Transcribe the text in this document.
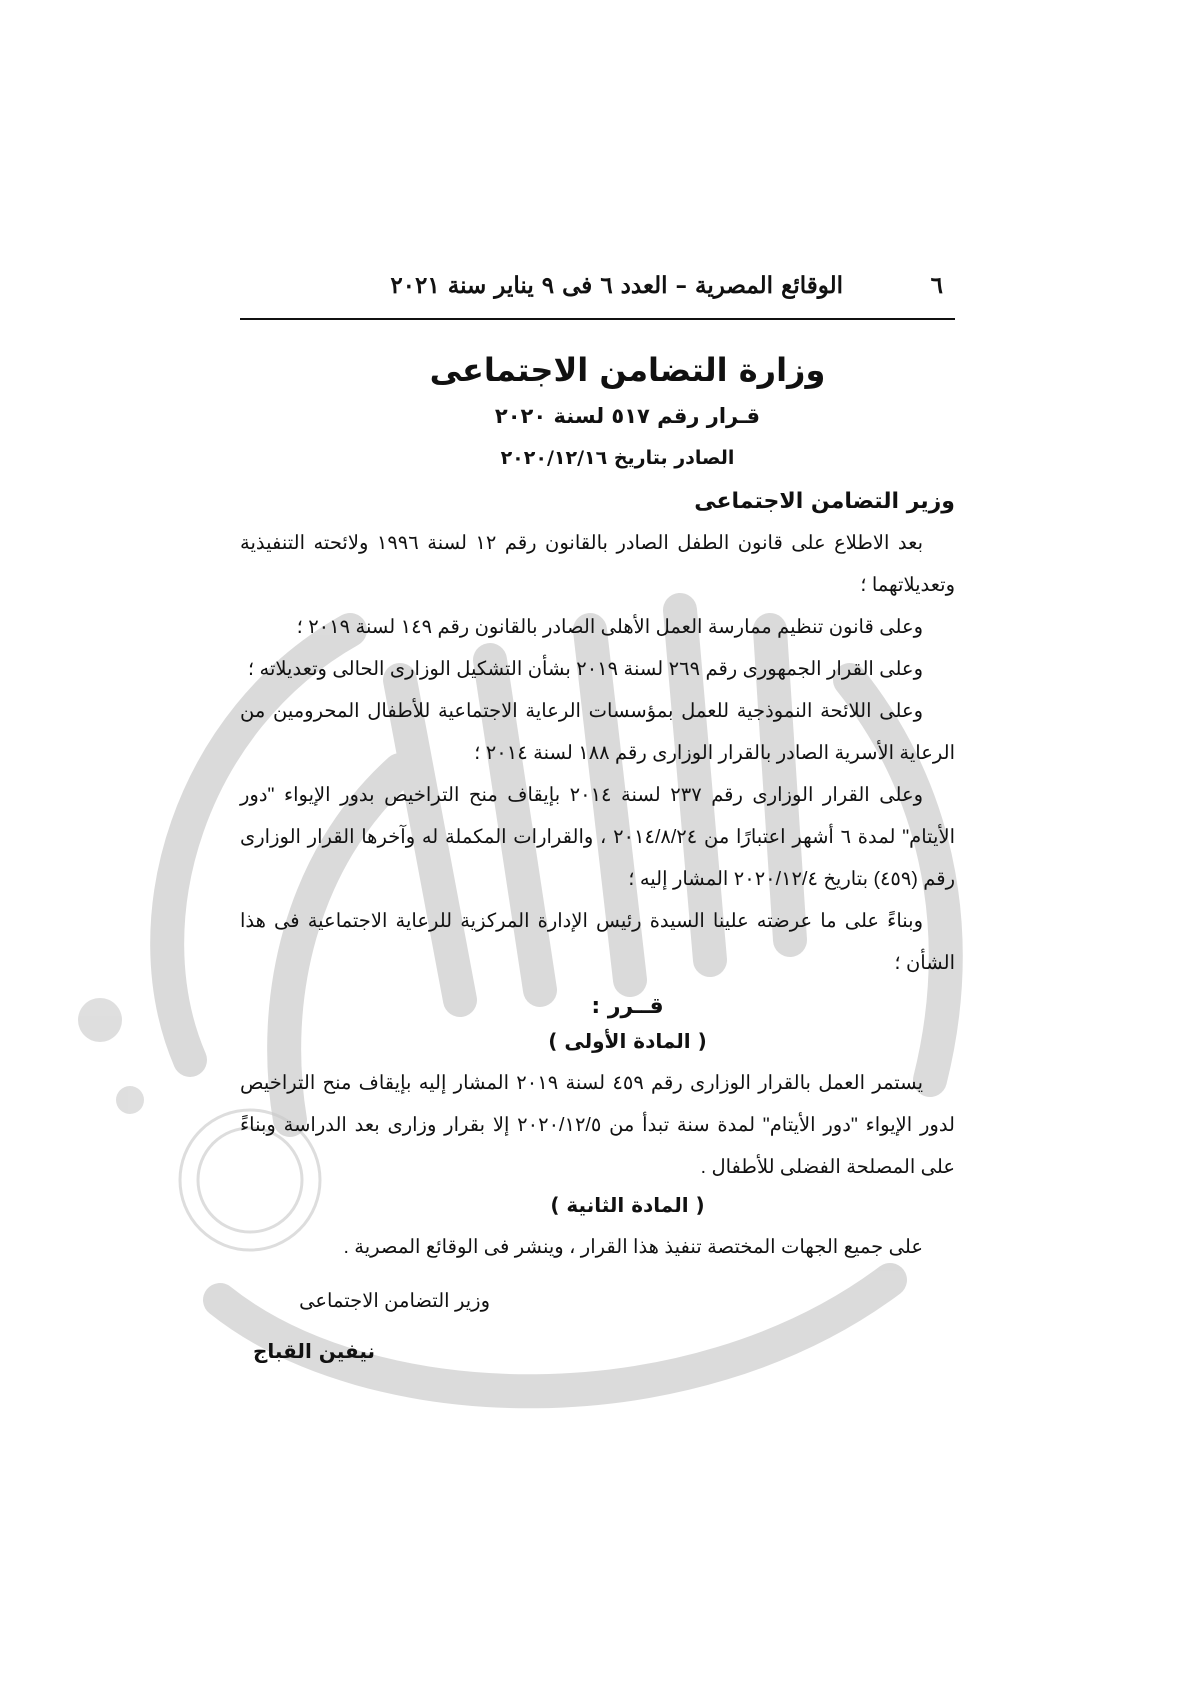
٦
الوقائع المصرية – العدد ٦ فى ٩ يناير سنة ٢٠٢١
وزارة التضامن الاجتماعى
قـرار رقم ٥١٧ لسنة ٢٠٢٠
الصادر بتاريخ ٢٠٢٠/١٢/١٦
وزير التضامن الاجتماعى

بعد الاطلاع على قانون الطفل الصادر بالقانون رقم ١٢ لسنة ١٩٩٦ ولائحته التنفيذية وتعديلاتهما ؛

وعلى قانون تنظيم ممارسة العمل الأهلى الصادر بالقانون رقم ١٤٩ لسنة ٢٠١٩ ؛

وعلى القرار الجمهورى رقم ٢٦٩ لسنة ٢٠١٩ بشأن التشكيل الوزارى الحالى وتعديلاته ؛

وعلى اللائحة النموذجية للعمل بمؤسسات الرعاية الاجتماعية للأطفال المحرومين من الرعاية الأسرية الصادر بالقرار الوزارى رقم ١٨٨ لسنة ٢٠١٤ ؛

وعلى القرار الوزارى رقم ٢٣٧ لسنة ٢٠١٤ بإيقاف منح التراخيص بدور الإيواء "دور الأيتام" لمدة ٦ أشهر اعتبارًا من ٢٠١٤/٨/٢٤ ، والقرارات المكملة له وآخرها القرار الوزارى رقم (٤٥٩) بتاريخ ٢٠٢٠/١٢/٤ المشار إليه ؛

وبناءً على ما عرضته علينا السيدة رئيس الإدارة المركزية للرعاية الاجتماعية فى هذا الشأن ؛

قــرر :
( المادة الأولى )

يستمر العمل بالقرار الوزارى رقم ٤٥٩ لسنة ٢٠١٩ المشار إليه بإيقاف منح التراخيص لدور الإيواء "دور الأيتام" لمدة سنة تبدأ من ٢٠٢٠/١٢/٥ إلا بقرار وزارى بعد الدراسة وبناءً على المصلحة الفضلى للأطفال .

( المادة الثانية )

على جميع الجهات المختصة تنفيذ هذا القرار ، وينشر فى الوقائع المصرية .

وزير التضامن الاجتماعى
نيفين القباج
